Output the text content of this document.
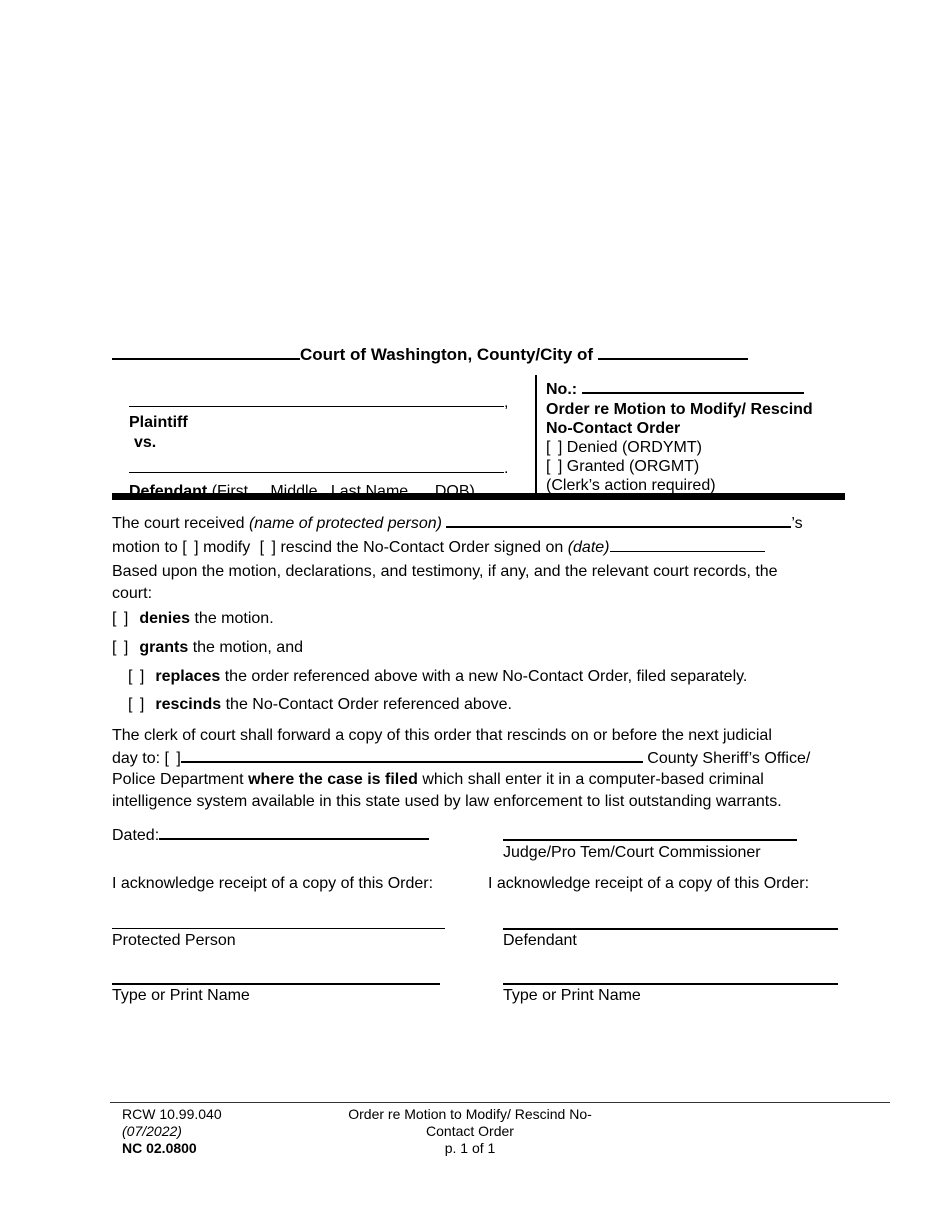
Court of Washington, County/City of
,
Plaintiff
vs.
.
Defendant (First,    Middle,  Last Name,     DOB)
No.:
Order re Motion to Modify/ Rescind
No-Contact Order
[ ] Denied (ORDYMT)
[ ] Granted (ORGMT)
(Clerk’s action required)
The court received (name of protected person)	’s
motion to [ ] modify [ ] rescind the No-Contact Order signed on (date)
Based upon the motion, declarations, and testimony, if any, and the relevant court records, the
court:
[ ] denies the motion.
[ ] grants the motion, and
[ ] replaces the order referenced above with a new No-Contact Order, filed separately.
[ ] rescinds the No-Contact Order referenced above.
The clerk of court shall forward a copy of this order that rescinds on or before the next judicial
day to: [ ]	County Sheriff’s Office/
Police Department where the case is filed which shall enter it in a computer-based criminal
intelligence system available in this state used by law enforcement to list outstanding warrants.
Dated:
Judge/Pro Tem/Court Commissioner
I acknowledge receipt of a copy of this Order:	I acknowledge receipt of a copy of this Order:
Protected Person	Defendant
Type or Print Name	Type or Print Name
RCW 10.99.040
(07/2022)
NC 02.0800
Order re Motion to Modify/ Rescind No-
Contact Order
p. 1 of 1
